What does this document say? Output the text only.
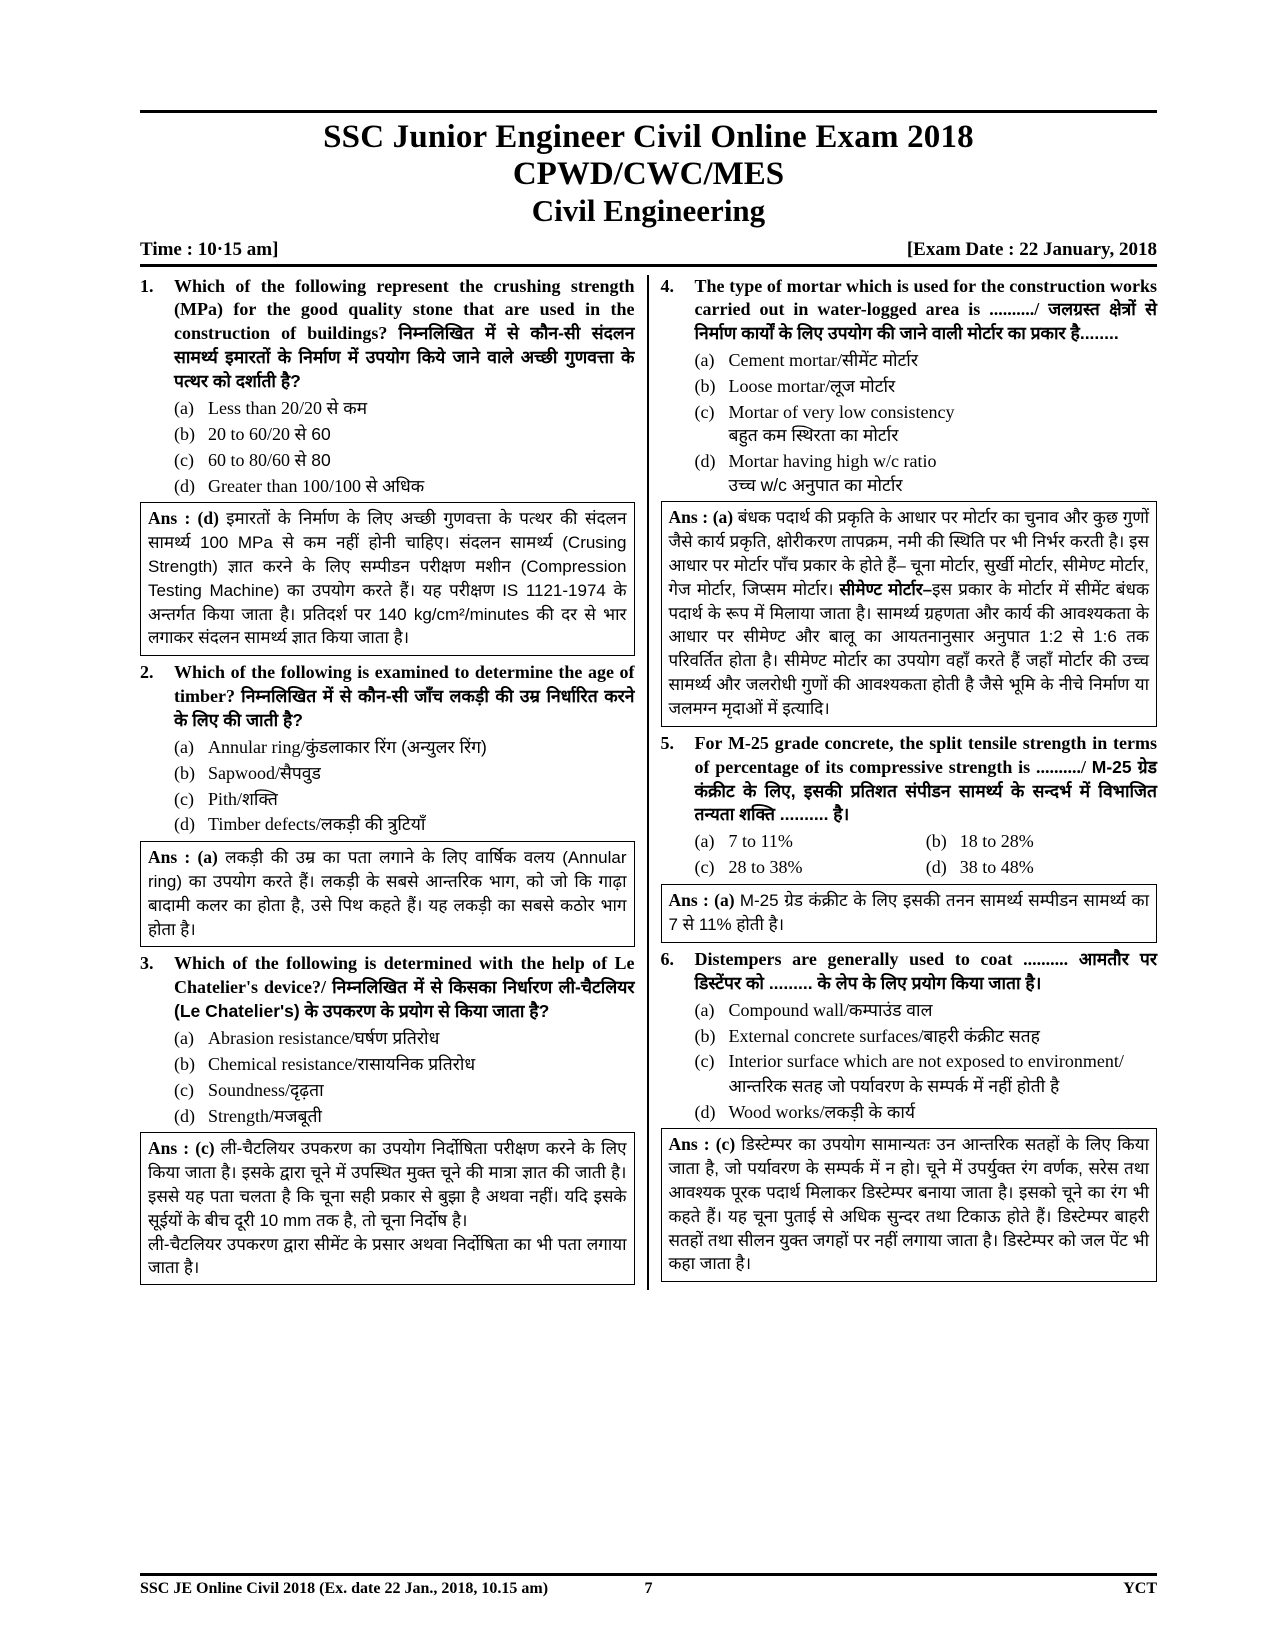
SSC Junior Engineer Civil Online Exam 2018
CPWD/CWC/MES
Civil Engineering
Time : 10·15 am]	[Exam Date : 22 January, 2018
1.	Which of the following represent the crushing strength (MPa) for the good quality stone that are used in the construction of buildings? निम्नलिखित में से कौन-सी संदलन सामर्थ्य इमारतों के निर्माण में उपयोग किये जाने वाले अच्छी गुणवत्ता के पत्थर को दर्शाती है?
(a) Less than 20/20 से कम
(b) 20 to 60/20 से 60
(c) 60 to 80/60 से 80
(d) Greater than 100/100 से अधिक
Ans : (d) इमारतों के निर्माण के लिए अच्छी गुणवत्ता के पत्थर की संदलन सामर्थ्य 100 MPa से कम नहीं होनी चाहिए। संदलन सामर्थ्य (Crusing Strength) ज्ञात करने के लिए सम्पीडन परीक्षण मशीन (Compression Testing Machine) का उपयोग करते हैं। यह परीक्षण IS 1121-1974 के अन्तर्गत किया जाता है। प्रतिदर्श पर 140 kg/cm²/minutes की दर से भार लगाकर संदलन सामर्थ्य ज्ञात किया जाता है।
2.	Which of the following is examined to determine the age of timber? निम्नलिखित में से कौन-सी जाँच लकड़ी की उम्र निर्धारित करने के लिए की जाती है?
(a) Annular ring/कुंडलाकार रिंग (अन्युलर रिंग)
(b) Sapwood/सैपवुड
(c) Pith/शक्ति
(d) Timber defects/लकड़ी की त्रुटियाँ
Ans : (a) लकड़ी की उम्र का पता लगाने के लिए वार्षिक वलय (Annular ring) का उपयोग करते हैं। लकड़ी के सबसे आन्तरिक भाग, को जो कि गाढ़ा बादामी कलर का होता है, उसे पिथ कहते हैं। यह लकड़ी का सबसे कठोर भाग होता है।
3.	Which of the following is determined with the help of Le Chatelier's device?/ निम्नलिखित में से किसका निर्धारण ली-चैटलियर (Le Chatelier's) के उपकरण के प्रयोग से किया जाता है?
(a) Abrasion resistance/घर्षण प्रतिरोध
(b) Chemical resistance/रासायनिक प्रतिरोध
(c) Soundness/दृढ़ता
(d) Strength/मजबूती
Ans : (c) ली-चैटलियर उपकरण का उपयोग निर्दोषिता परीक्षण करने के लिए किया जाता है। इसके द्वारा चूने में उपस्थित मुक्त चूने की मात्रा ज्ञात की जाती है। इससे यह पता चलता है कि चूना सही प्रकार से बुझा है अथवा नहीं। यदि इसके सूईयों के बीच दूरी 10 mm तक है, तो चूना निर्दोष है।
ली-चैटलियर उपकरण द्वारा सीमेंट के प्रसार अथवा निर्दोषिता का भी पता लगाया जाता है।
4.	The type of mortar which is used for the construction works carried out in water-logged area is ........../ जलग्रस्त क्षेत्रों से निर्माण कार्यों के लिए उपयोग की जाने वाली मोर्टार का प्रकार है........
(a) Cement mortar/सीमेंट मोर्टार
(b) Loose mortar/लूज मोर्टार
(c) Mortar of very low consistency
बहुत कम स्थिरता का मोर्टार
(d) Mortar having high w/c ratio
उच्च w/c अनुपात का मोर्टार
Ans : (a) बंधक पदार्थ की प्रकृति के आधार पर मोर्टार का चुनाव और कुछ गुणों जैसे कार्य प्रकृति, क्षोरीकरण तापक्रम, नमी की स्थिति पर भी निर्भर करती है। इस आधार पर मोर्टार पाँच प्रकार के होते हैं– चूना मोर्टार, सुर्खी मोर्टार, सीमेण्ट मोर्टार, गेज मोर्टार, जिप्सम मोर्टार। सीमेण्ट मोर्टार–इस प्रकार के मोर्टार में सीमेंट बंधक पदार्थ के रूप में मिलाया जाता है। सामर्थ्य ग्रहणता और कार्य की आवश्यकता के आधार पर सीमेण्ट और बालू का आयतनानुसार अनुपात 1:2 से 1:6 तक परिवर्तित होता है। सीमेण्ट मोर्टार का उपयोग वहाँ करते हैं जहाँ मोर्टार की उच्च सामर्थ्य और जलरोधी गुणों की आवश्यकता होती है जैसे भूमि के नीचे निर्माण या जलमग्न मृदाओं में इत्यादि।
5.	For M-25 grade concrete, the split tensile strength in terms of percentage of its compressive strength is ........../ M-25 ग्रेड कंक्रीट के लिए, इसकी प्रतिशत संपीडन सामर्थ्य के सन्दर्भ में विभाजित तन्यता शक्ति .......... है।
(a) 7 to 11%	(b) 18 to 28%
(c) 28 to 38%	(d) 38 to 48%
Ans : (a) M-25 ग्रेड कंक्रीट के लिए इसकी तनन सामर्थ्य सम्पीडन सामर्थ्य का 7 से 11% होती है।
6.	Distempers are generally used to coat .......... आमतौर पर डिस्टेंपर को ......... के लेप के लिए प्रयोग किया जाता है।
(a) Compound wall/कम्पाउंड वाल
(b) External concrete surfaces/बाहरी कंक्रीट सतह
(c) Interior surface which are not exposed to environment/आन्तरिक सतह जो पर्यावरण के सम्पर्क में नहीं होती है
(d) Wood works/लकड़ी के कार्य
Ans : (c) डिस्टेम्पर का उपयोग सामान्यतः उन आन्तरिक सतहों के लिए किया जाता है, जो पर्यावरण के सम्पर्क में न हो। चूने में उपर्युक्त रंग वर्णक, सरेस तथा आवश्यक पूरक पदार्थ मिलाकर डिस्टेम्पर बनाया जाता है। इसको चूने का रंग भी कहते हैं। यह चूना पुताई से अधिक सुन्दर तथा टिकाऊ होते हैं। डिस्टेम्पर बाहरी सतहों तथा सीलन युक्त जगहों पर नहीं लगाया जाता है। डिस्टेम्पर को जल पेंट भी कहा जाता है।
SSC JE Online Civil 2018 (Ex. date 22 Jan., 2018, 10.15 am)	7	YCT
